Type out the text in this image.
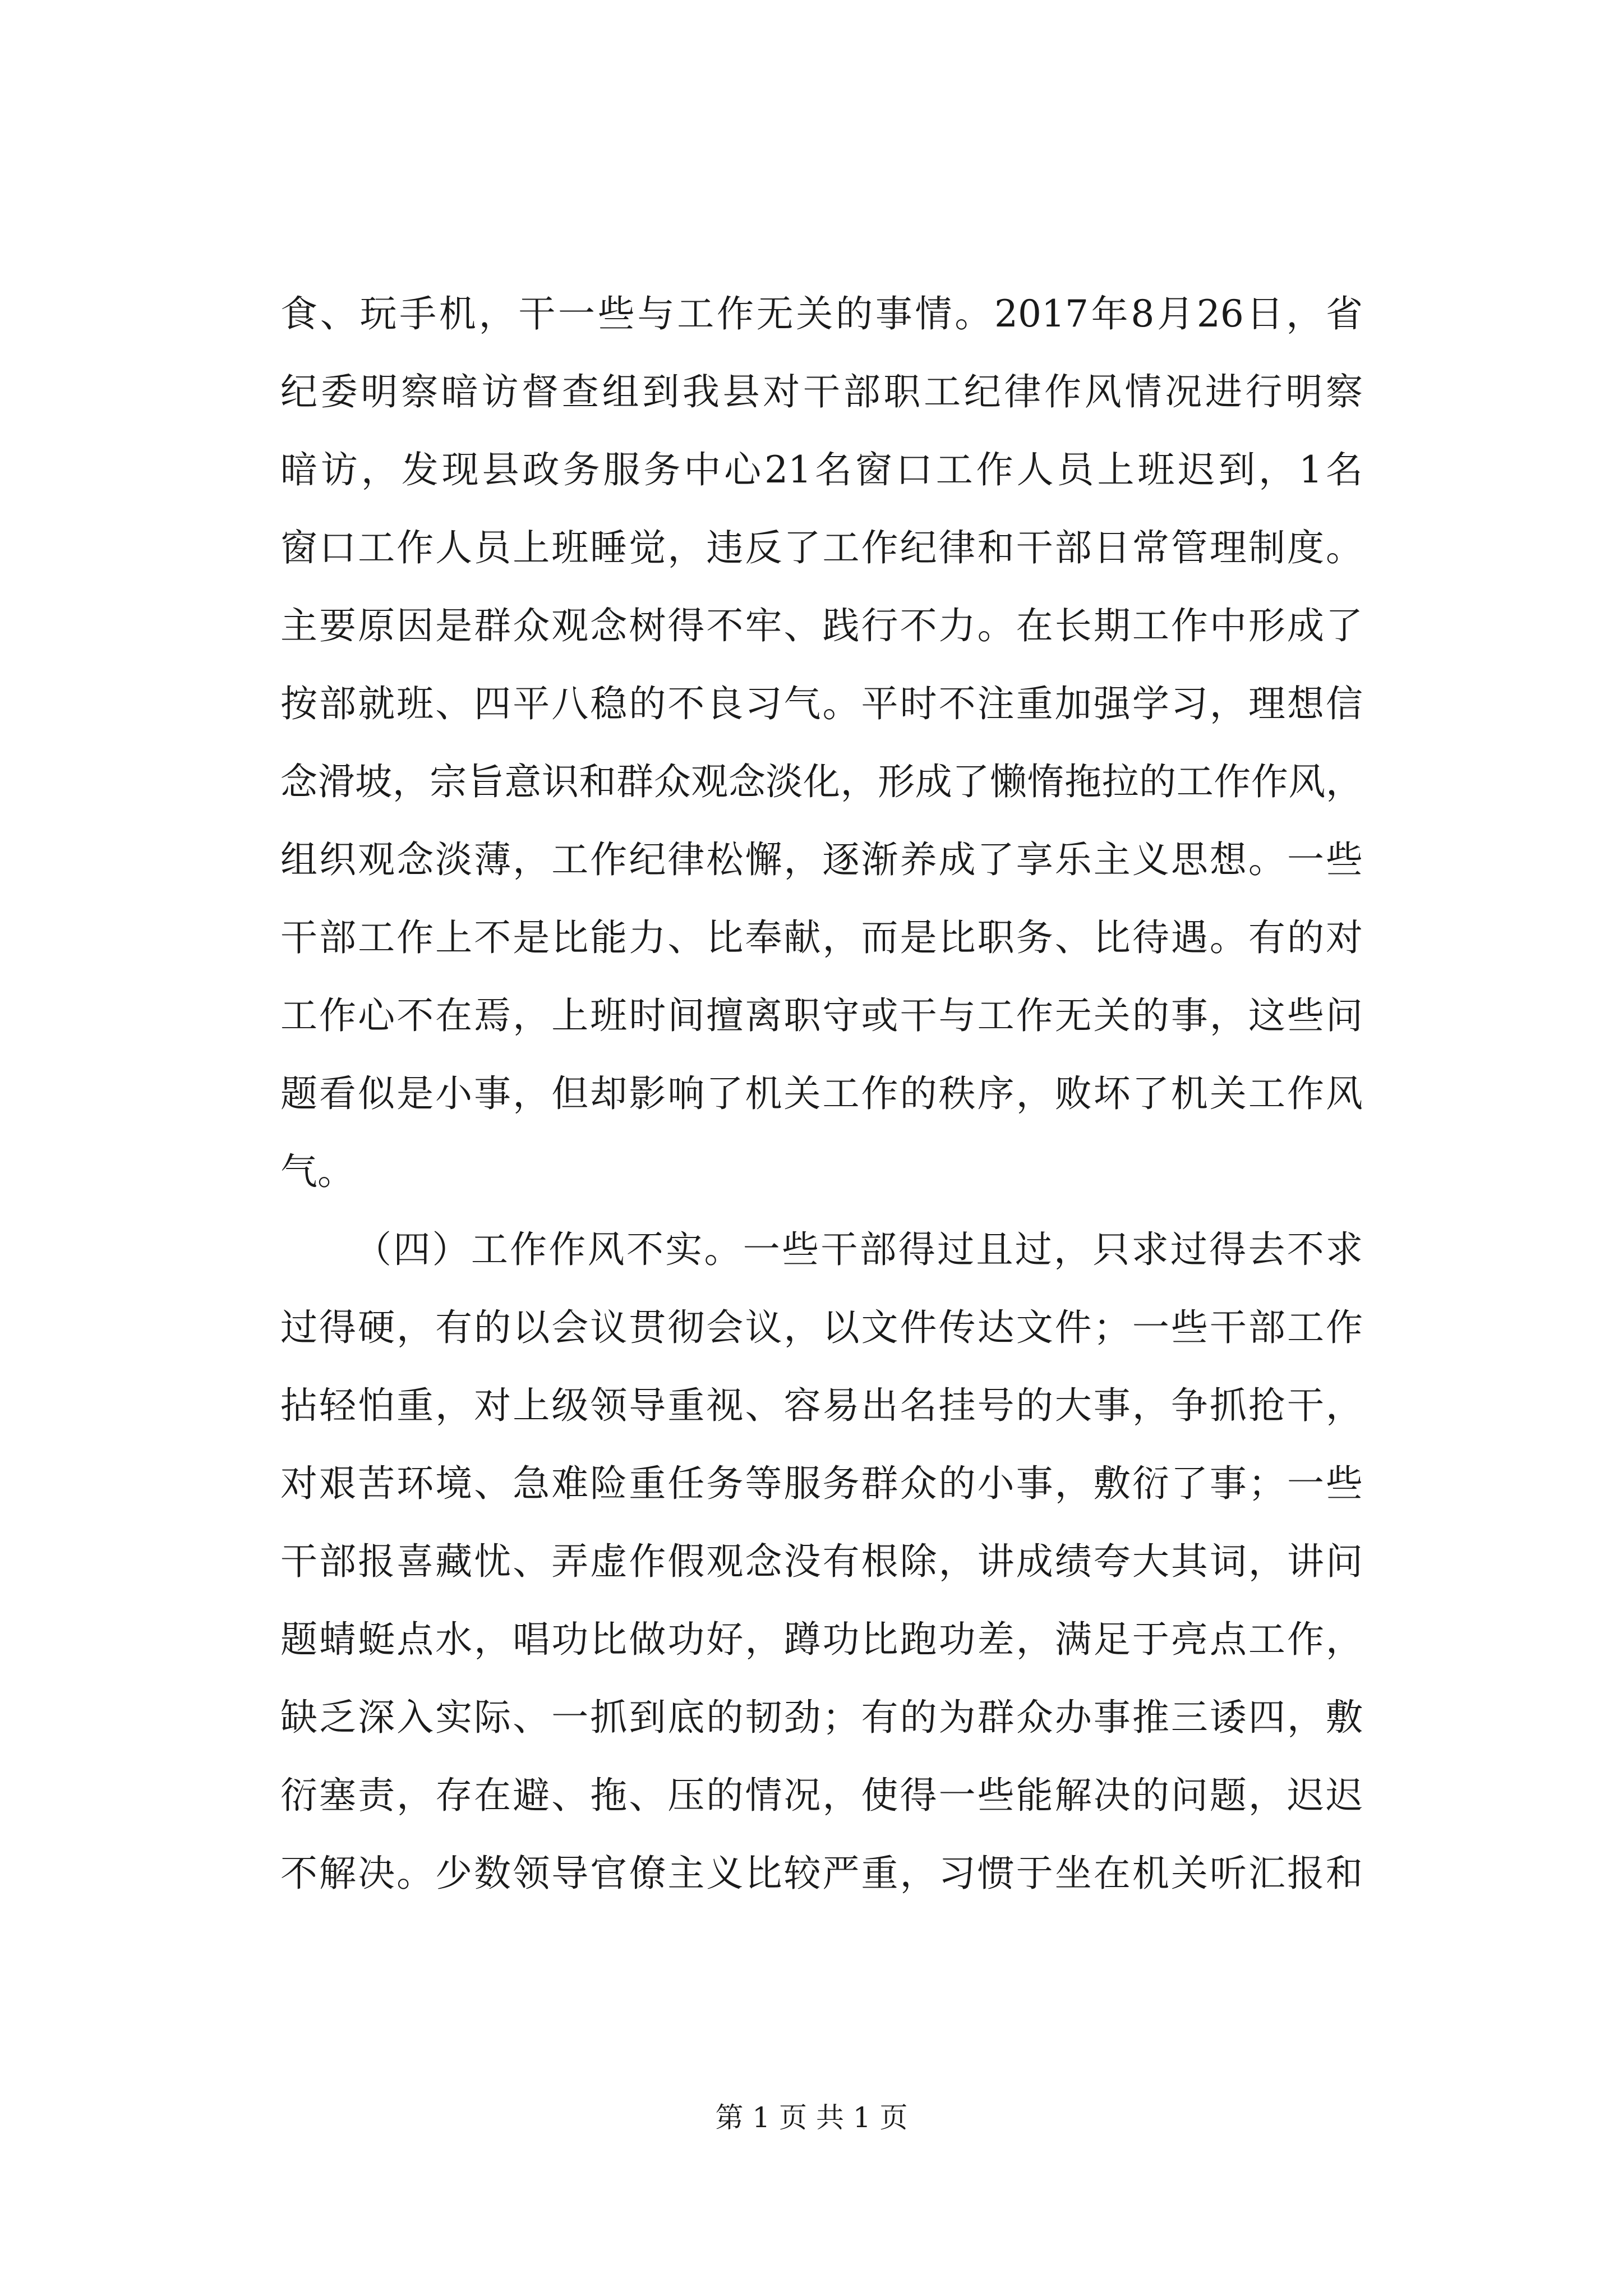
食、玩手机，干一些与工作无关的事情。2017年8月26日，省
纪委明察暗访督查组到我县对干部职工纪律作风情况进行明察
暗访，发现县政务服务中心21名窗口工作人员上班迟到，1名
窗口工作人员上班睡觉，违反了工作纪律和干部日常管理制度。
主要原因是群众观念树得不牢、践行不力。在长期工作中形成了
按部就班、四平八稳的不良习气。平时不注重加强学习，理想信
念滑坡，宗旨意识和群众观念淡化，形成了懒惰拖拉的工作作风，
组织观念淡薄，工作纪律松懈，逐渐养成了享乐主义思想。一些
干部工作上不是比能力、比奉献，而是比职务、比待遇。有的对
工作心不在焉，上班时间擅离职守或干与工作无关的事，这些问
题看似是小事，但却影响了机关工作的秩序，败坏了机关工作风
气。
（四）工作作风不实。一些干部得过且过，只求过得去不求
过得硬，有的以会议贯彻会议，以文件传达文件；一些干部工作
拈轻怕重，对上级领导重视、容易出名挂号的大事，争抓抢干，
对艰苦环境、急难险重任务等服务群众的小事，敷衍了事；一些
干部报喜藏忧、弄虚作假观念没有根除，讲成绩夸大其词，讲问
题蜻蜓点水，唱功比做功好，蹲功比跑功差，满足于亮点工作，
缺乏深入实际、一抓到底的韧劲；有的为群众办事推三诿四，敷
衍塞责，存在避、拖、压的情况，使得一些能解决的问题，迟迟
不解决。少数领导官僚主义比较严重，习惯于坐在机关听汇报和
第 1 页 共 1 页
